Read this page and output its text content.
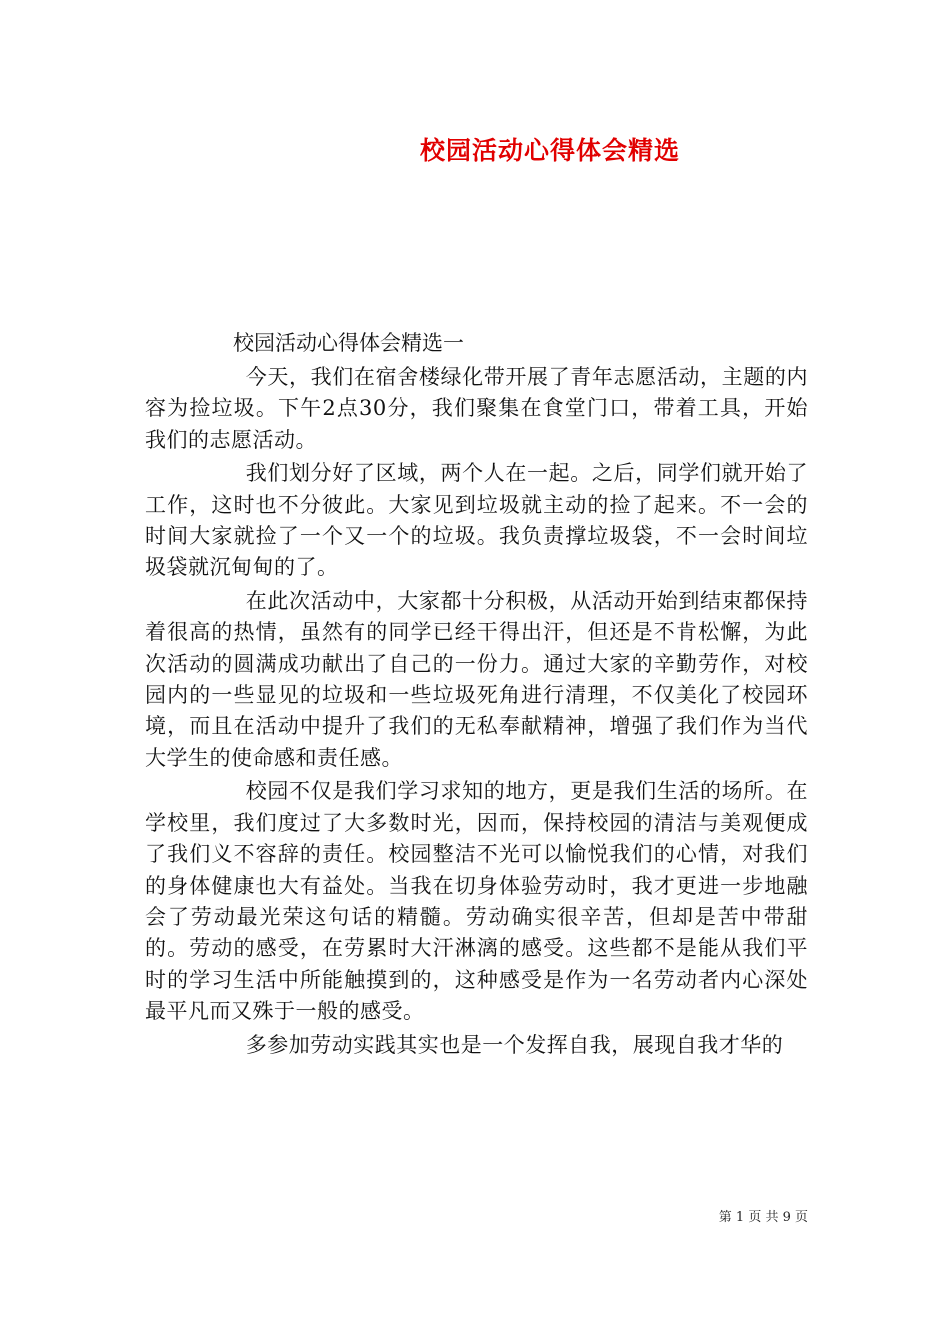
校园活动心得体会精选

校园活动心得体会精选一

今天，我们在宿舍楼绿化带开展了青年志愿活动，主题的内容为捡垃圾。下午2点30分，我们聚集在食堂门口，带着工具，开始我们的志愿活动。

我们划分好了区域，两个人在一起。之后，同学们就开始了工作，这时也不分彼此。大家见到垃圾就主动的捡了起来。不一会的时间大家就捡了一个又一个的垃圾。我负责撑垃圾袋，不一会时间垃圾袋就沉甸甸的了。

在此次活动中，大家都十分积极，从活动开始到结束都保持着很高的热情，虽然有的同学已经干得出汗，但还是不肯松懈，为此次活动的圆满成功献出了自己的一份力。通过大家的辛勤劳作，对校园内的一些显见的垃圾和一些垃圾死角进行清理，不仅美化了校园环境，而且在活动中提升了我们的无私奉献精神，增强了我们作为当代大学生的使命感和责任感。

校园不仅是我们学习求知的地方，更是我们生活的场所。在学校里，我们度过了大多数时光，因而，保持校园的清洁与美观便成了我们义不容辞的责任。校园整洁不光可以愉悦我们的心情，对我们的身体健康也大有益处。当我在切身体验劳动时，我才更进一步地融会了劳动最光荣这句话的精髓。劳动确实很辛苦，但却是苦中带甜的。劳动的感受，在劳累时大汗淋漓的感受。这些都不是能从我们平时的学习生活中所能触摸到的，这种感受是作为一名劳动者内心深处最平凡而又殊于一般的感受。

多参加劳动实践其实也是一个发挥自我，展现自我才华的

第 1 页 共 9 页
